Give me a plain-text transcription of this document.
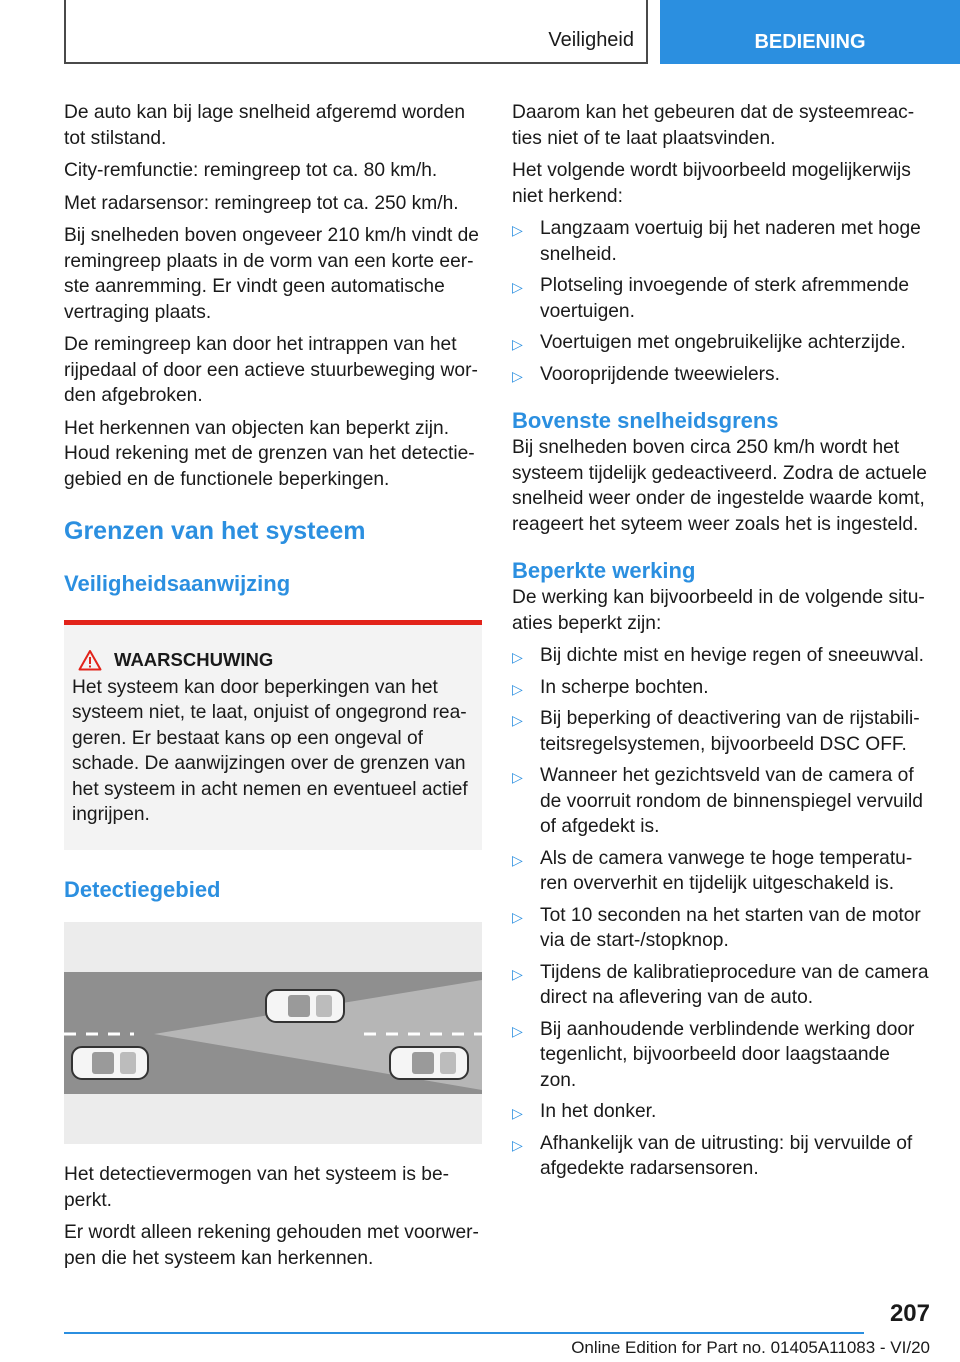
Veiligheid	BEDIENING

De auto kan bij lage snelheid afgeremd worden tot stilstand.

City-remfunctie: remingreep tot ca. 80 km/h.

Met radarsensor: remingreep tot ca. 250 km/h.

Bij snelheden boven ongeveer 210 km/h vindt de remingreep plaats in de vorm van een korte eer-ste aanremming. Er vindt geen automatische vertraging plaats.

De remingreep kan door het intrappen van het rijpedaal of door een actieve stuurbeweging wor-den afgebroken.

Het herkennen van objecten kan beperkt zijn. Houd rekening met de grenzen van het detectie-gebied en de functionele beperkingen.

Grenzen van het systeem
Veiligheidsaanwijzing
WAARSCHUWING
Het systeem kan door beperkingen van het systeem niet, te laat, onjuist of ongegrond rea-geren. Er bestaat kans op een ongeval of schade. De aanwijzingen over de grenzen van het systeem in acht nemen en eventueel actief ingrijpen.
Detectiegebied

Het detectievermogen van het systeem is be-perkt.

Er wordt alleen rekening gehouden met voorwer-pen die het systeem kan herkennen.

Daarom kan het gebeuren dat de systeemreac-ties niet of te laat plaatsvinden.

Het volgende wordt bijvoorbeeld mogelijkerwijs niet herkend:

▷ Langzaam voertuig bij het naderen met hoge snelheid.
▷ Plotseling invoegende of sterk afremmende voertuigen.
▷ Voertuigen met ongebruikelijke achterzijde.
▷ Vooroprijdende tweewielers.
Bovenste snelheidsgrens

Bij snelheden boven circa 250 km/h wordt het systeem tijdelijk gedeactiveerd. Zodra de actuele snelheid weer onder de ingestelde waarde komt, reageert het syteem weer zoals het is ingesteld.

Beperkte werking

De werking kan bijvoorbeeld in de volgende situ-aties beperkt zijn:

▷ Bij dichte mist en hevige regen of sneeuwval.
▷ In scherpe bochten.
▷ Bij beperking of deactivering van de rijstabili-teitsregelsystemen, bijvoorbeeld DSC OFF.
▷ Wanneer het gezichtsveld van de camera of de voorruit rondom de binnenspiegel vervuild of afgedekt is.
▷ Als de camera vanwege te hoge temperatu-ren oververhit en tijdelijk uitgeschakeld is.
▷ Tot 10 seconden na het starten van de motor via de start-/stopknop.
▷ Tijdens de kalibratieprocedure van de camera direct na aflevering van de auto.
▷ Bij aanhoudende verblindende werking door tegenlicht, bijvoorbeeld door laagstaande zon.
▷ In het donker.
▷ Afhankelijk van de uitrusting: bij vervuilde of afgedekte radarsensoren.
207
Online Edition for Part no. 01405A11083 - VI/20
